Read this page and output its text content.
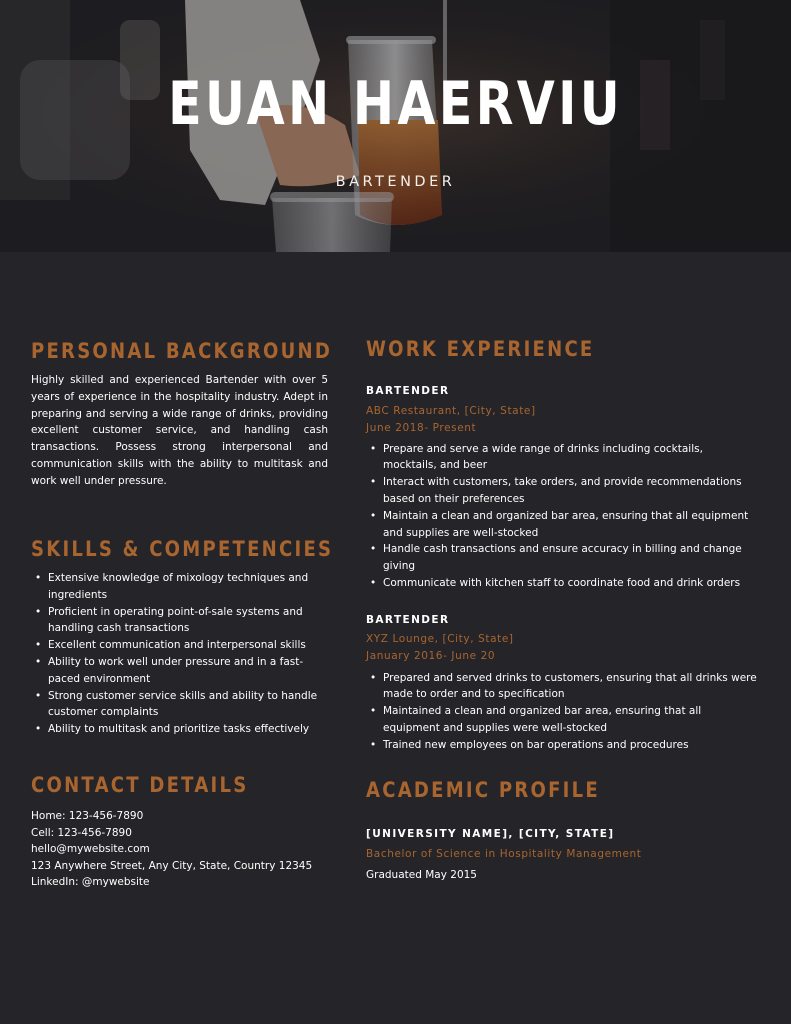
EUAN HAERVIU

BARTENDER

PERSONAL BACKGROUND

Highly skilled and experienced Bartender with over 5 years of experience in the hospitality industry. Adept in preparing and serving a wide range of drinks, providing excellent customer service, and handling cash transactions. Possess strong interpersonal and communication skills with the ability to multitask and work well under pressure.

SKILLS & COMPETENCIES
• Extensive knowledge of mixology techniques and ingredients
• Proficient in operating point-of-sale systems and handling cash transactions
• Excellent communication and interpersonal skills
• Ability to work well under pressure and in a fast-paced environment
• Strong customer service skills and ability to handle customer complaints
• Ability to multitask and prioritize tasks effectively
CONTACT DETAILS

Home: 123-456-7890

Cell: 123-456-7890

hello@mywebsite.com

123 Anywhere Street, Any City, State, Country 12345

LinkedIn: @mywebsite

WORK EXPERIENCE

BARTENDER

ABC Restaurant, [City, State]

June 2018- Present

• Prepare and serve a wide range of drinks including cocktails, mocktails, and beer
• Interact with customers, take orders, and provide recommendations based on their preferences
• Maintain a clean and organized bar area, ensuring that all equipment and supplies are well-stocked
• Handle cash transactions and ensure accuracy in billing and change giving
• Communicate with kitchen staff to coordinate food and drink orders

BARTENDER

XYZ Lounge, [City, State]

January 2016- June 20

• Prepared and served drinks to customers, ensuring that all drinks were made to order and to specification
• Maintained a clean and organized bar area, ensuring that all equipment and supplies were well-stocked
• Trained new employees on bar operations and procedures
ACADEMIC PROFILE

[UNIVERSITY NAME], [CITY, STATE]

Bachelor of Science in Hospitality Management

Graduated May 2015
